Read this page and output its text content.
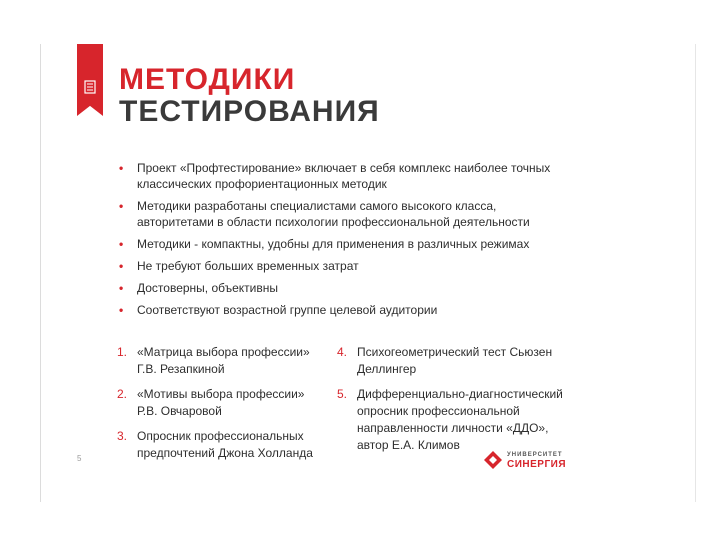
МЕТОДИКИ
ТЕСТИРОВАНИЯ
• Проект «Профтестирование» включает в себя комплекс наиболее точных классических профориентационных методик
• Методики разработаны специалистами самого высокого класса, авторитетами в области психологии профессиональной деятельности
• Методики - компактны, удобны для применения в различных режимах
• Не требуют больших временных затрат
• Достоверны, объективны
• Соответствуют возрастной группе целевой аудитории
1. «Матрица выбора профессии»
Г.В. Резапкиной
2. «Мотивы выбора профессии»
Р.В. Овчаровой
3. Опросник профессиональных предпочтений Джона Холланда
4. Психогеометрический тест Сьюзен Деллингер
5. Дифференциально-диагностический опросник профессиональной направленности личности «ДДО»,
автор Е.А. Климов
5	УНИВЕРСИТЕТ
СИНЕРГИЯ
